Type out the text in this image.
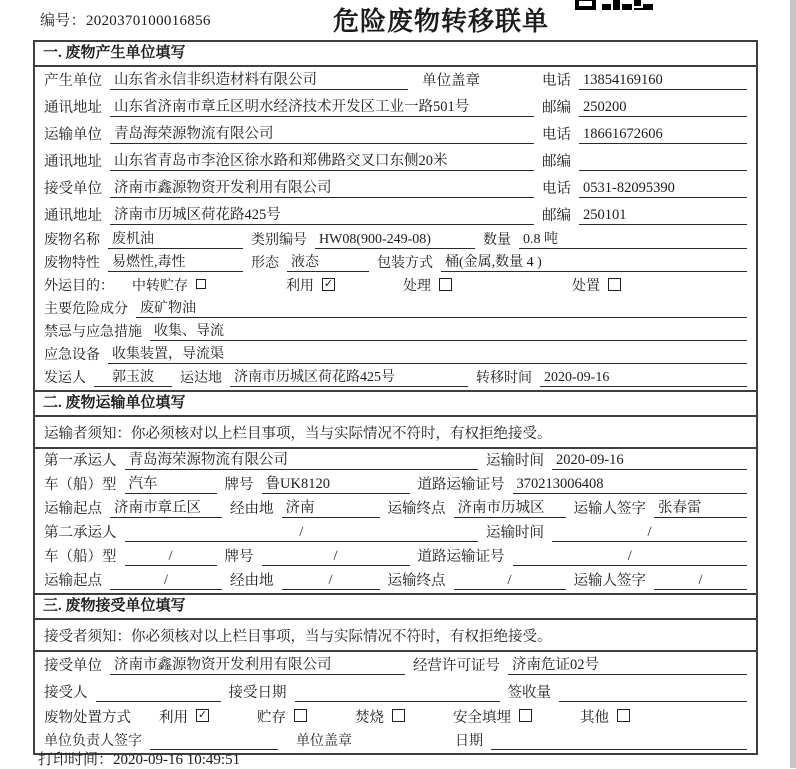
编号：2020370100016856	危险废物转移联单
一. 废物产生单位填写
产生单位 山东省永信非织造材料有限公司	单位盖章	电话 13854169160
通讯地址 山东省济南市章丘区明水经济技术开发区工业一路501号	邮编 250200
运输单位 青岛海荣源物流有限公司	电话 18661672606
通讯地址 山东省青岛市李沧区徐水路和郑佛路交叉口东侧20米	邮编
接受单位 济南市鑫源物资开发利用有限公司	电话 0531-82095390
通讯地址 济南市历城区荷花路425号	邮编 250101
废物名称 废机油	类别编号 HW08(900-249-08)	数量 0.8 吨
废物特性 易燃性,毒性	形态 液态	包装方式 桶(金属,数量 4 )
外运目的： 中转贮存	利用 ✓	处理	处置
主要危险成分 废矿物油
禁忌与应急措施 收集、导流
应急设备 收集装置，导流渠
发运人	郭玉波	运达地 济南市历城区荷花路425号	转移时间 2020-09-16
二. 废物运输单位填写
运输者须知：你必须核对以上栏目事项，当与实际情况不符时，有权拒绝接受。
第一承运人 青岛海荣源物流有限公司	运输时间 2020-09-16
车（船）型 汽车	牌号 鲁UK8120	道路运输证号 370213006408
运输起点 济南市章丘区	经由地 济南	运输终点 济南市历城区	运输人签字 张春雷
第二承运人	/	运输时间	/
车（船）型	/	牌号	/	道路运输证号	/
运输起点	/	经由地	/	运输终点	/	运输人签字	/
三. 废物接受单位填写
接受者须知：你必须核对以上栏目事项，当与实际情况不符时，有权拒绝接受。
接受单位 济南市鑫源物资开发利用有限公司	经营许可证号 济南危证02号
接受人	接受日期	签收量
废物处置方式 利用 ✓	贮存	焚烧	安全填埋	其他
单位负责人签字	单位盖章	日期
打印时间：2020-09-16 10:49:51
